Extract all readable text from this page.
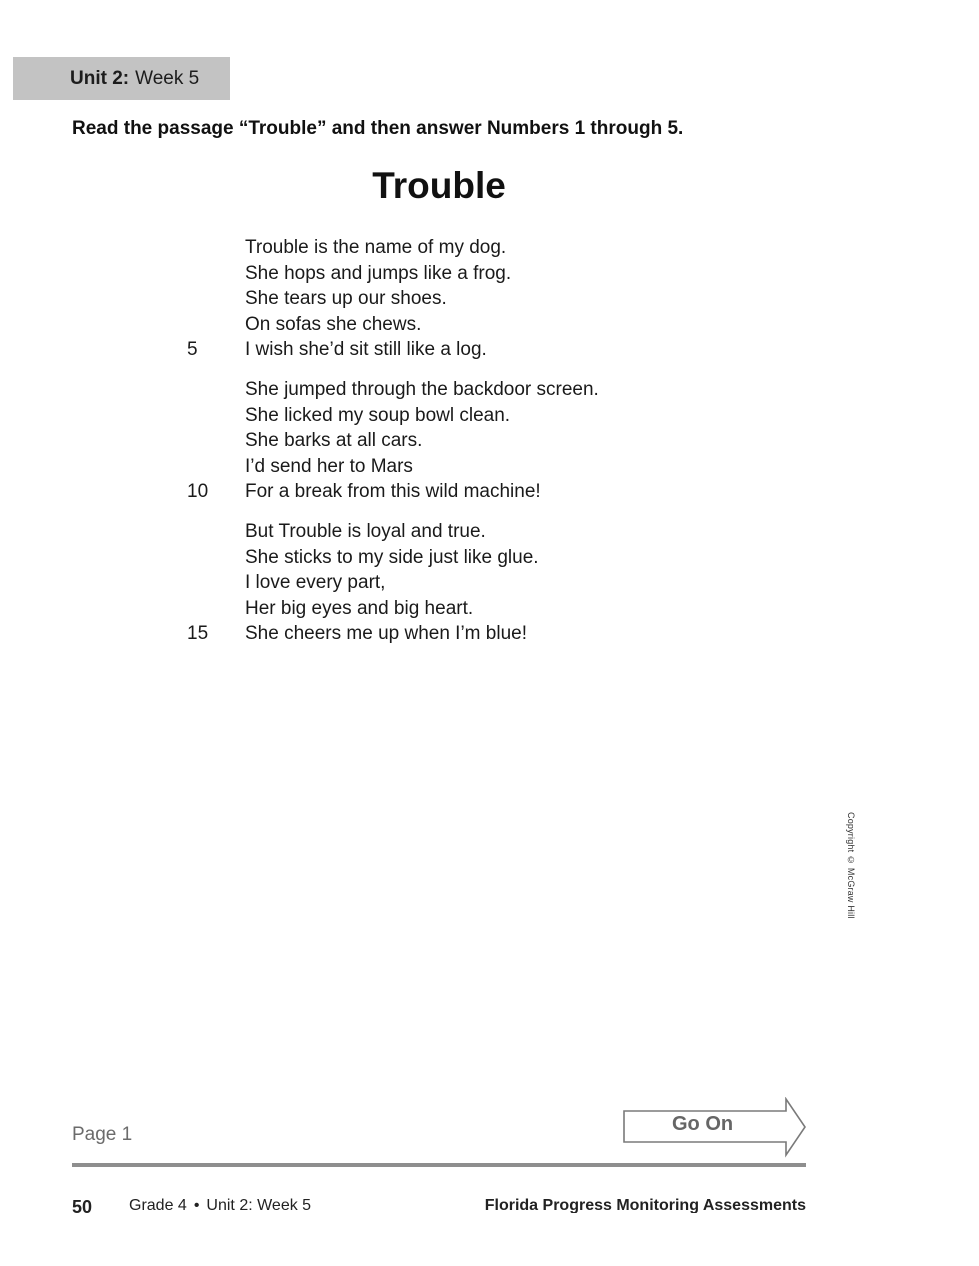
Unit 2: Week 5
Read the passage “Trouble” and then answer Numbers 1 through 5.
Trouble
Trouble is the name of my dog.
She hops and jumps like a frog.
She tears up our shoes.
On sofas she chews.
5 I wish she’d sit still like a log.
She jumped through the backdoor screen.
She licked my soup bowl clean.
She barks at all cars.
I’d send her to Mars
10 For a break from this wild machine!
But Trouble is loyal and true.
She sticks to my side just like glue.
I love every part,
Her big eyes and big heart.
15 She cheers me up when I’m blue!
Copyright © McGraw Hill
Page 1	Go On
50 Grade 4 • Unit 2: Week 5	Florida Progress Monitoring Assessments
